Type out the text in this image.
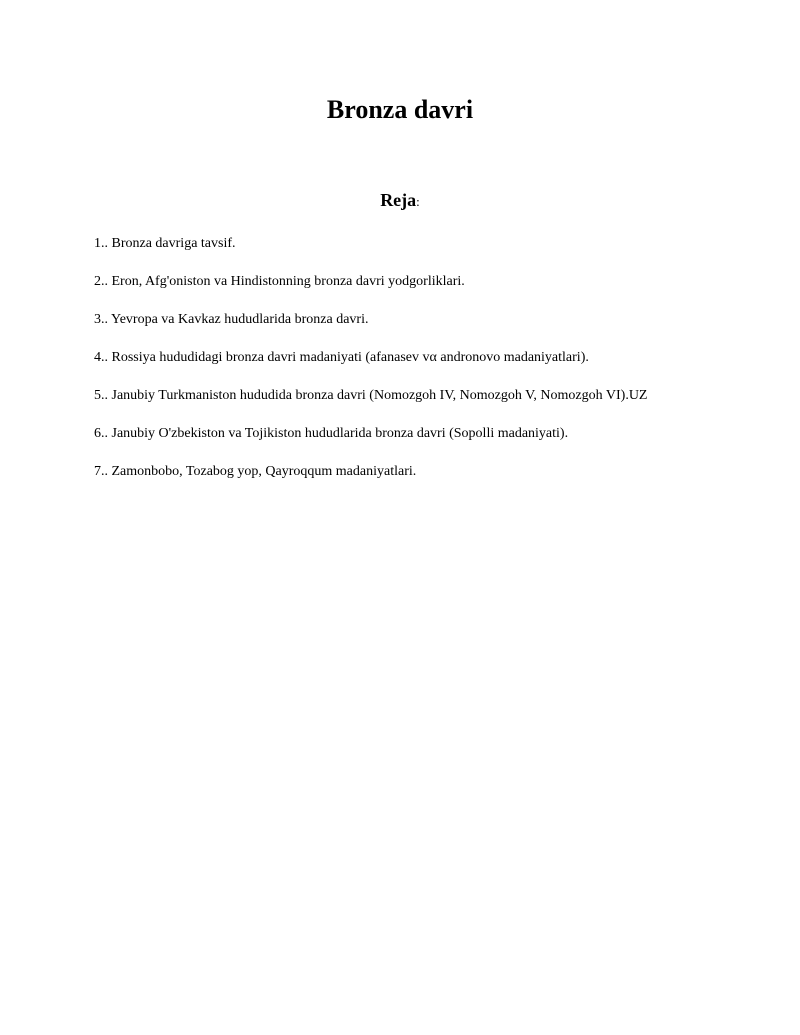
Bronza davri
Reja:
1.. Bronza davriga tavsif.
2.. Eron, Afg'oniston va Hindistonning bronza davri yodgorliklari.
3.. Yevropa va Kavkaz hududlarida bronza davri.
4.. Rossiya hududidagi bronza davri madaniyati (afanasev vα andronovo madaniyatlari).
5.. Janubiy Turkmaniston hududida bronza davri (Nomozgoh IV, Nomozgoh V, Nomozgoh VI).UZ
6.. Janubiy O'zbekiston va Tojikiston hududlarida bronza davri (Sopolli madaniyati).
7.. Zamonbobo, Tozabog yop, Qayroqqum madaniyatlari.
